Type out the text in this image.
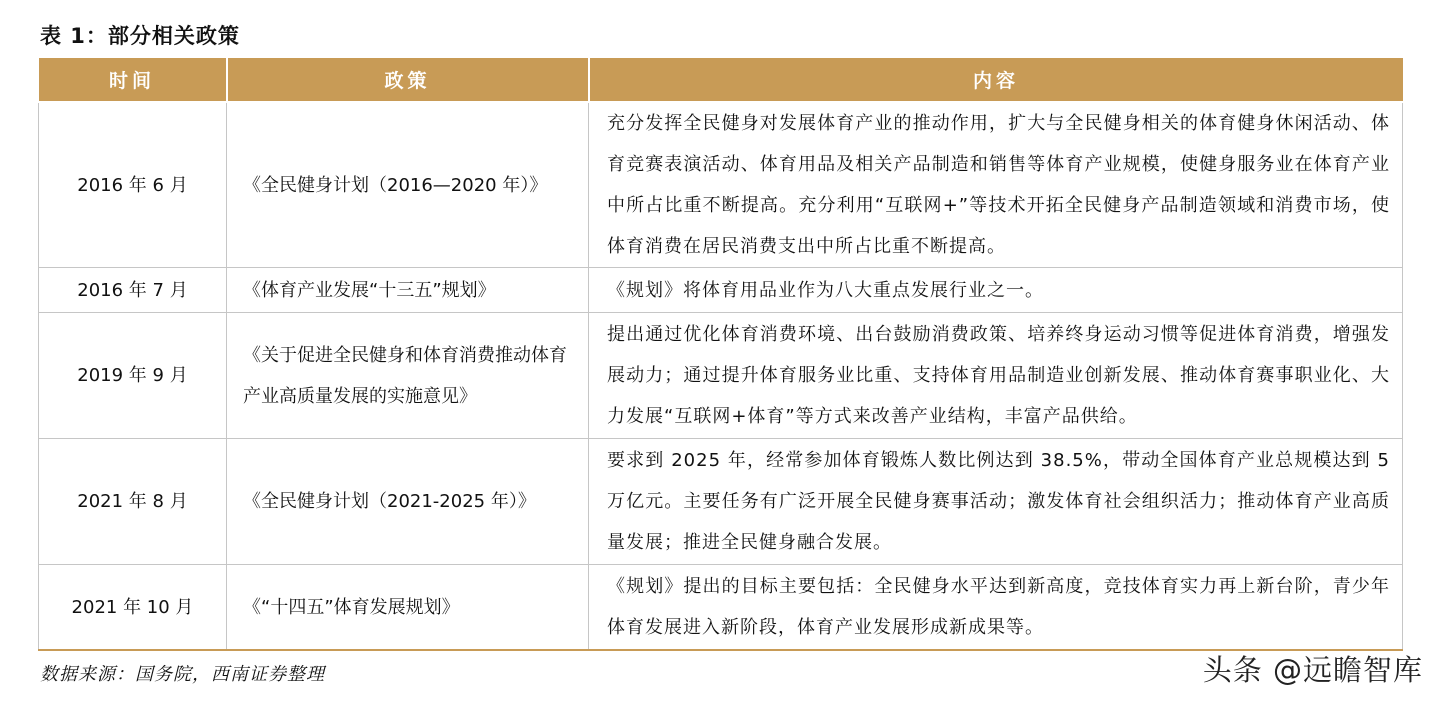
表 1：部分相关政策
时间	政策	内容
2016 年 6 月	《全民健身计划（2016—2020 年）》	充分发挥全民健身对发展体育产业的推动作用，扩大与全民健身相关的体育健身休闲活动、体育竞赛表演活动、体育用品及相关产品制造和销售等体育产业规模，使健身服务业在体育产业中所占比重不断提高。充分利用“互联网+”等技术开拓全民健身产品制造领域和消费市场，使体育消费在居民消费支出中所占比重不断提高。
2016 年 7 月	《体育产业发展“十三五”规划》	《规划》将体育用品业作为八大重点发展行业之一。
2019 年 9 月	《关于促进全民健身和体育消费推动体育产业高质量发展的实施意见》	提出通过优化体育消费环境、出台鼓励消费政策、培养终身运动习惯等促进体育消费，增强发展动力；通过提升体育服务业比重、支持体育用品制造业创新发展、推动体育赛事职业化、大力发展“互联网+体育”等方式来改善产业结构，丰富产品供给。
2021 年 8 月	《全民健身计划（2021-2025 年）》	要求到 2025 年，经常参加体育锻炼人数比例达到 38.5%，带动全国体育产业总规模达到 5 万亿元。主要任务有广泛开展全民健身赛事活动；激发体育社会组织活力；推动体育产业高质量发展；推进全民健身融合发展。
2021 年 10 月	《“十四五”体育发展规划》	《规划》提出的目标主要包括：全民健身水平达到新高度，竞技体育实力再上新台阶，青少年体育发展进入新阶段，体育产业发展形成新成果等。
数据来源：国务院，西南证券整理	头条 @远瞻智库
